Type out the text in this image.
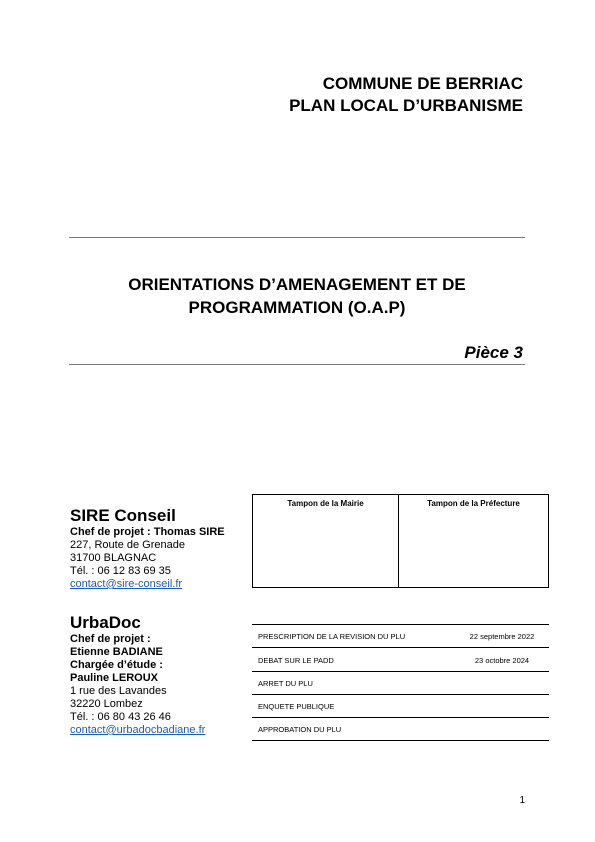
COMMUNE DE BERRIAC
PLAN LOCAL D’URBANISME
ORIENTATIONS D’AMENAGEMENT ET DE
PROGRAMMATION (O.A.P)
Pièce 3
SIRE Conseil
Chef de projet : Thomas SIRE
227, Route de Grenade
31700 BLAGNAC
Tél. : 06 12 83 69 35
contact@sire-conseil.fr
UrbaDoc
Chef de projet :
Etienne BADIANE
Chargée d’étude :
Pauline LEROUX
1 rue des Lavandes
32220 Lombez
Tél. : 06 80 43 26 46
contact@urbadocbadiane.fr
Tampon de la Mairie	Tampon de la Préfecture
PRESCRIPTION DE LA REVISION DU PLU	22 septembre 2022
DEBAT SUR LE PADD	23 octobre 2024
ARRET DU PLU
ENQUETE PUBLIQUE
APPROBATION DU PLU
1
